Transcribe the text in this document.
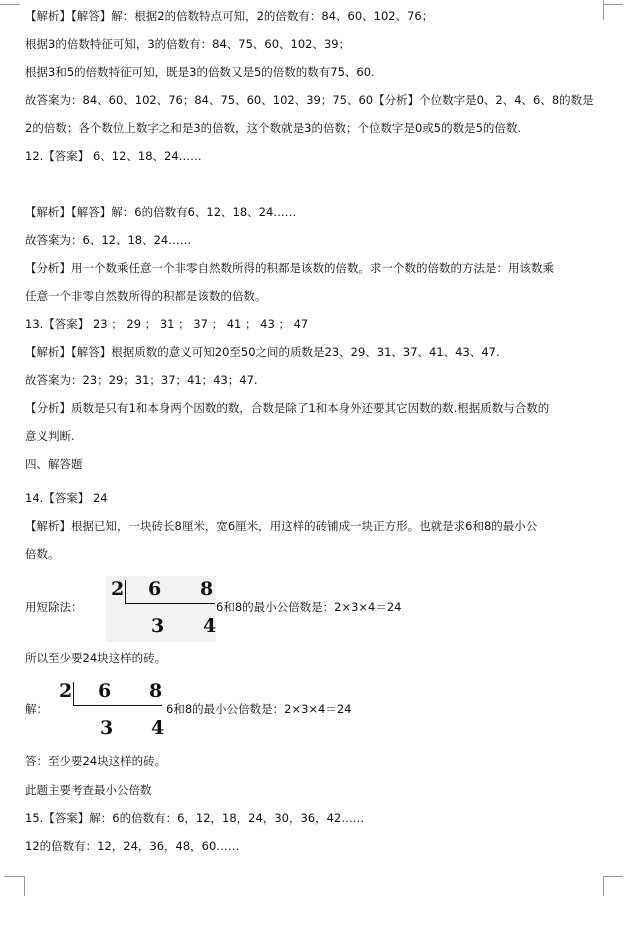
【解析】【解答】解：根据2的倍数特点可知，2的倍数有：84、60、102、76；
根据3的倍数特征可知，3的倍数有：84、75、60、102、39；
根据3和5的倍数特征可知，既是3的倍数又是5的倍数的数有75、60.
故答案为：84、60、102、76；84、75、60、102、39；75、60【分析】个位数字是0、2、4、6、8的数是
2的倍数；各个数位上数字之和是3的倍数，这个数就是3的倍数；个位数字是0或5的数是5的倍数.
12.【答案】 6、12、18、24……
【解析】【解答】解：6的倍数有6、12、18、24……
故答案为：6、12、18、24……
【分析】用一个数乘任意一个非零自然数所得的积都是该数的倍数。求一个数的倍数的方法是：用该数乘
任意一个非零自然数所得的积都是该数的倍数。
13.【答案】 23 ； 29 ； 31 ； 37 ； 41 ； 43 ； 47
【解析】【解答】根据质数的意义可知20至50之间的质数是23、29、31、37、41、43、47.
故答案为：23；29；31；37；41；43；47.
【分析】质数是只有1和本身两个因数的数，合数是除了1和本身外还要其它因数的数.根据质数与合数的
意义判断.
四、解答题
14.【答案】 24
【解析】根据已知，一块砖长8厘米，宽6厘米，用这样的砖铺成一块正方形。也就是求6和8的最小公
倍数。
用短除法：
2 6 8
3 4
6和8的最小公倍数是：2×3×4＝24
所以至少要24块这样的砖。
解：
2 6 8
3 4
6和8的最小公倍数是：2×3×4＝24
答：至少要24块这样的砖。
此题主要考查最小公倍数
15.【答案】解：6的倍数有：6，12，18，24，30，36，42……
12的倍数有：12，24，36，48，60……
